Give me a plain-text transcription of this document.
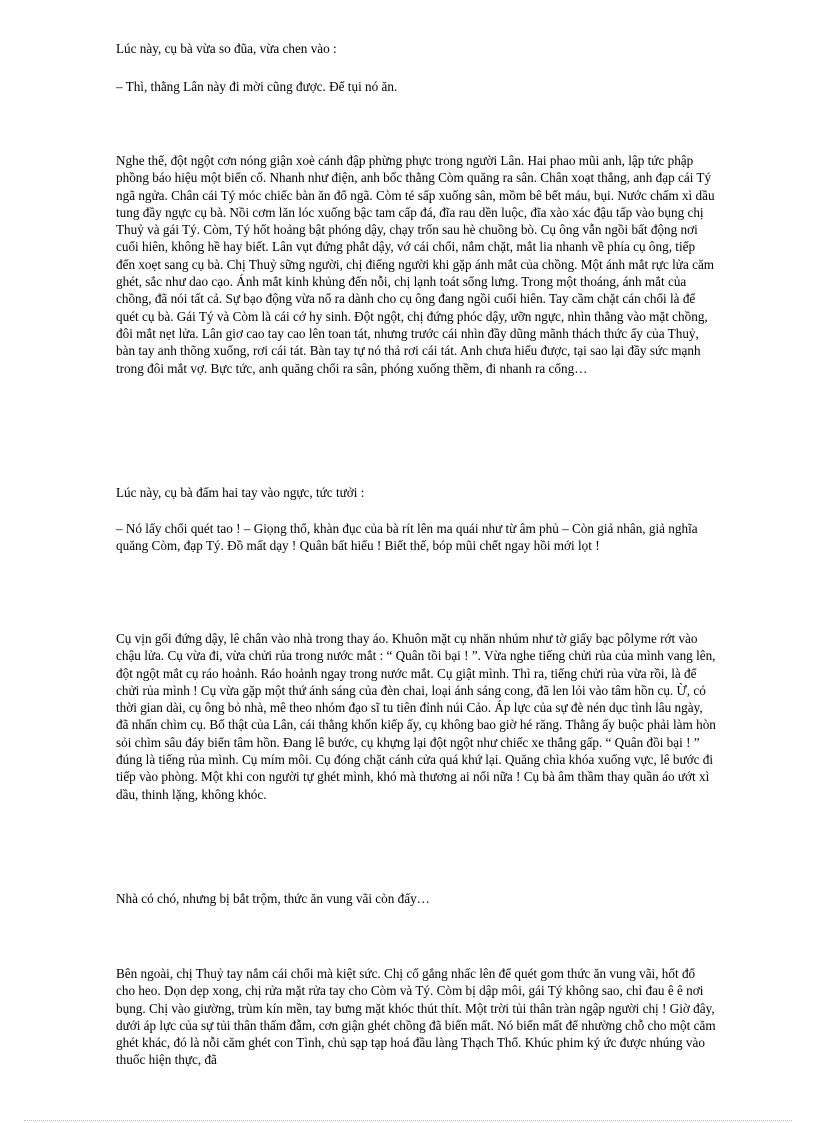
Lúc này, cụ bà vừa so đũa, vừa chen vào :

– Thì, thằng Lân này đi mời cũng được. Để tụi nó ăn.

Nghe thế, đột ngột cơn nóng giận xoè cánh đập phừng phực trong người Lân. Hai phao mũi anh, lập tức phập phồng báo hiệu một biến cố. Nhanh như điện, anh bốc thằng Còm quăng ra sân. Chân xoạt thẳng, anh đạp cái Tý ngã ngửa. Chân cái Tý móc chiếc bàn ăn đổ ngã. Còm té sấp xuống sân, mồm bê bết máu, bụi. Nước chấm xì dầu tung đầy ngực cụ bà. Nồi cơm lăn lóc xuống bậc tam cấp đá, đĩa rau dền luộc, đĩa xào xác đậu tấp vào bụng chị Thuỷ và gái Tý. Còm, Tý hốt hoảng bật phóng dậy, chạy trốn sau hè chuồng bò. Cụ ông vẫn ngồi bất động nơi cuối hiên, không hề hay biết. Lân vụt đứng phắt dậy, vớ cái chổi, nắm chặt, mắt lia nhanh về phía cụ ông, tiếp đến xoẹt sang cụ bà. Chị Thuỷ sững người, chị điếng người khi gặp ánh mắt của chồng. Một ánh mắt rực lửa căm ghét, sắc như dao cạo. Ánh mắt kinh khủng đến nỗi, chị lạnh toát sống lưng. Trong một thoáng, ánh mắt của chồng, đã nói tất cả. Sự bạo động vừa nổ ra dành cho cụ ông đang ngồi cuối hiên. Tay cầm chặt cán chổi là để quét cụ bà. Gái Tý và Còm là cái cớ hy sinh. Đột ngột, chị đứng phóc dậy, ưỡn ngực, nhìn thẳng vào mặt chồng, đôi mắt nẹt lửa. Lân giơ cao tay cao lên toan tát, nhưng trước cái nhìn đầy dũng mãnh thách thức ấy của Thuỷ, bàn tay anh thõng xuống, rơi cái tát. Bàn tay tự nó thả rơi cái tát. Anh chưa hiểu được, tại sao lại đầy sức mạnh trong đôi mắt vợ. Bực tức, anh quăng chổi ra sân, phóng xuống thềm, đi nhanh ra cổng…

Lúc này, cụ bà đấm hai tay vào ngực, tức tưởi :

– Nó lấy chổi quét tao ! – Giọng thổ, khàn đục của bà rít lên ma quái như từ âm phủ – Còn giả nhân, giả nghĩa quăng Còm, đạp Tý. Đồ mất dạy ! Quân bất hiếu ! Biết thế, bóp mũi chết ngay hồi mới lọt !

Cụ vịn gối đứng dậy, lê chân vào nhà trong thay áo. Khuôn mặt cụ nhăn nhúm như tờ giấy bạc pôlyme rớt vào chậu lửa. Cụ vừa đi, vừa chửi rủa trong nước mắt : “ Quân tồi bại ! ”. Vừa nghe tiếng chửi rủa của mình vang lên, đột ngột mắt cụ ráo hoảnh. Ráo hoảnh ngay trong nước mắt. Cụ giật mình. Thì ra, tiếng chửi rủa vừa rồi, là để chửi rủa mình ! Cụ vừa gặp một thứ ánh sáng của đèn chai, loại ánh sáng cong, đã len lỏi vào tâm hồn cụ. Ừ, có thời gian dài, cụ ông bỏ nhà, mê theo nhóm đạo sĩ tu tiên đỉnh núi Cảo. Áp lực của sự đè nén dục tình lâu ngày, đã nhấn chìm cụ. Bố thật của Lân, cái thằng khốn kiếp ấy, cụ không bao giờ hé răng. Thằng ấy buộc phải làm hòn sỏi chìm sâu đáy biển tâm hồn. Đang lê bước, cụ khựng lại đột ngột như chiếc xe thắng gấp. “ Quân đồi bại ! ” đúng là tiếng rủa mình. Cụ mím môi. Cụ đóng chặt cánh cửa quá khứ lại. Quăng chìa khóa xuống vực, lê bước đi tiếp vào phòng. Một khi con người tự ghét mình, khó mà thương ai nổi nữa ! Cụ bà âm thầm thay quần áo ướt xì dầu, thinh lặng, không khóc.

Nhà có chó, nhưng bị bắt trộm, thức ăn vung vãi còn đấy…

Bên ngoài, chị Thuỷ tay nắm cái chổi mà kiệt sức. Chị cố gắng nhấc lên để quét gom thức ăn vung vãi, hốt đổ cho heo. Dọn dẹp xong, chị rửa mặt rửa tay cho Còm và Tý. Còm bị dập môi, gái Tý không sao, chỉ đau ê ê nơi bụng. Chị vào giường, trùm kín mền, tay bưng mặt khóc thút thít. Một trời tủi thân tràn ngập người chị ! Giờ đây, dưới áp lực của sự tủi thân thấm đẫm, cơn giận ghét chồng đã biến mất. Nó biến mất để nhường chỗ cho một căm ghét khác, đó là nỗi căm ghét con Tình, chủ sạp tạp hoá đầu làng Thạch Thổ. Khúc phim ký ức được nhúng vào thuốc hiện thực, đã
